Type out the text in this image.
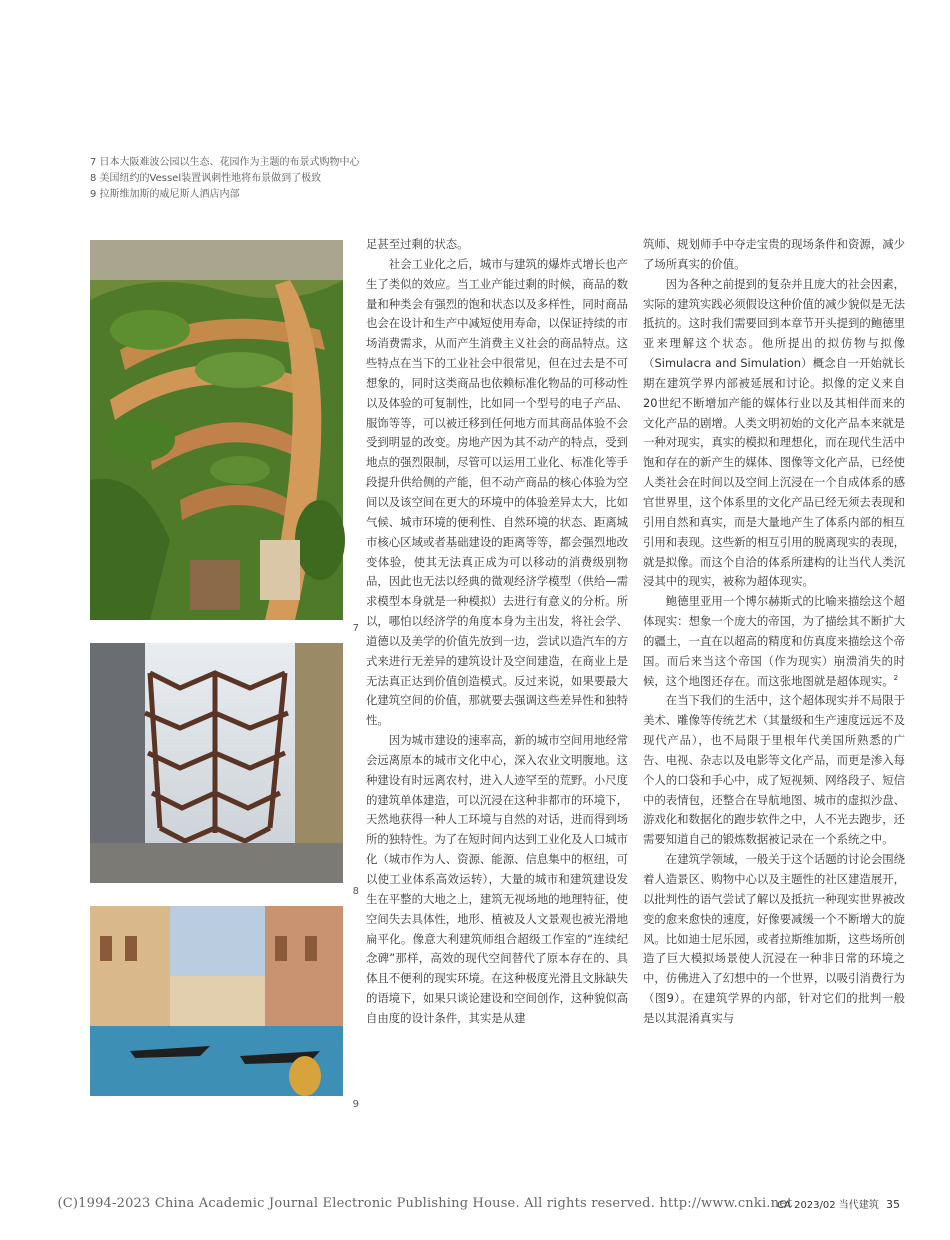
7 日本大阪难波公园以生态、花园作为主题的布景式购物中心
8 美国纽约的Vessel装置讽刺性地将布景做到了极致
9 拉斯维加斯的威尼斯人酒店内部
7
8
9

足甚至过剩的状态。

社会工业化之后，城市与建筑的爆炸式增长也产生了类似的效应。当工业产能过剩的时候，商品的数量和种类会有强烈的饱和状态以及多样性，同时商品也会在设计和生产中减短使用寿命，以保证持续的市场消费需求，从而产生消费主义社会的商品特点。这些特点在当下的工业社会中很常见，但在过去是不可想象的，同时这类商品也依赖标准化物品的可移动性以及体验的可复制性，比如同一个型号的电子产品、服饰等等，可以被迁移到任何地方而其商品体验不会受到明显的改变。房地产因为其不动产的特点，受到地点的强烈限制，尽管可以运用工业化、标准化等手段提升供给侧的产能，但不动产商品的核心体验为空间以及该空间在更大的环境中的体验差异太大，比如气候、城市环境的便利性、自然环境的状态、距离城市核心区域或者基础建设的距离等等，都会强烈地改变体验，使其无法真正成为可以移动的消费级别物品，因此也无法以经典的微观经济学模型（供给—需求模型本身就是一种模拟）去进行有意义的分析。所以，哪怕以经济学的角度本身为主出发，将社会学、道德以及美学的价值先放到一边，尝试以造汽车的方式来进行无差异的建筑设计及空间建造，在商业上是无法真正达到价值创造模式。反过来说，如果要最大化建筑空间的价值，那就要去强调这些差异性和独特性。

因为城市建设的速率高，新的城市空间用地经常会远离原本的城市文化中心，深入农业文明腹地。这种建设有时远离农村，进入人迹罕至的荒野。小尺度的建筑单体建造，可以沉浸在这种非都市的环境下，天然地获得一种人工环境与自然的对话，进而得到场所的独特性。为了在短时间内达到工业化及人口城市化（城市作为人、资源、能源、信息集中的枢纽，可以使工业体系高效运转），大量的城市和建筑建设发生在平整的大地之上，建筑无视场地的地理特征，使空间失去具体性，地形、植被及人文景观也被光滑地扁平化。像意大利建筑师组合超级工作室的“连续纪念碑”那样，高效的现代空间替代了原本存在的、具体且不便利的现实环境。在这种极度光滑且文脉缺失的语境下，如果只谈论建设和空间创作，这种貌似高自由度的设计条件，其实是从建

筑师、规划师手中夺走宝贵的现场条件和资源，减少了场所真实的价值。

因为各种之前提到的复杂并且庞大的社会因素，实际的建筑实践必须假设这种价值的减少貌似是无法抵抗的。这时我们需要回到本章节开头提到的鲍德里亚来理解这个状态。他所提出的拟仿物与拟像（Simulacra and Simulation）概念自一开始就长期在建筑学界内部被延展和讨论。拟像的定义来自20世纪不断增加产能的媒体行业以及其相伴而来的文化产品的剧增。人类文明初始的文化产品本来就是一种对现实，真实的模拟和理想化，而在现代生活中饱和存在的新产生的媒体、图像等文化产品，已经使人类社会在时间以及空间上沉浸在一个自成体系的感官世界里，这个体系里的文化产品已经无须去表现和引用自然和真实，而是大量地产生了体系内部的相互引用和表现。这些新的相互引用的脱离现实的表现，就是拟像。而这个自洽的体系所建构的让当代人类沉浸其中的现实，被称为超体现实。

鲍德里亚用一个博尔赫斯式的比喻来描绘这个超体现实：想象一个庞大的帝国，为了描绘其不断扩大的疆土，一直在以超高的精度和仿真度来描绘这个帝国。而后来当这个帝国（作为现实）崩溃消失的时候，这个地图还存在。而这张地图就是超体现实。$^2$

在当下我们的生活中，这个超体现实并不局限于美术、雕像等传统艺术（其量级和生产速度远远不及现代产品），也不局限于里根年代美国所熟悉的广告、电视、杂志以及电影等文化产品，而更是渗入每个人的口袋和手心中，成了短视频、网络段子、短信中的表情包，还整合在导航地图、城市的虚拟沙盘、游戏化和数据化的跑步软件之中，人不光去跑步，还需要知道自己的锻炼数据被记录在一个系统之中。

在建筑学领域，一般关于这个话题的讨论会围绕着人造景区、购物中心以及主题性的社区建造展开，以批判性的语气尝试了解以及抵抗一种现实世界被改变的愈来愈快的速度，好像要减缓一个不断增大的旋风。比如迪士尼乐园，或者拉斯维加斯，这些场所创造了巨大模拟场景使人沉浸在一种非日常的环境之中，仿佛进入了幻想中的一个世界，以吸引消费行为（图9）。在建筑学界的内部，针对它们的批判一般是以其混淆真实与

(C)1994-2023 China Academic Journal Electronic Publishing House. All rights reserved. http://www.cnki.net
CA 2023/02 当代建筑 35
